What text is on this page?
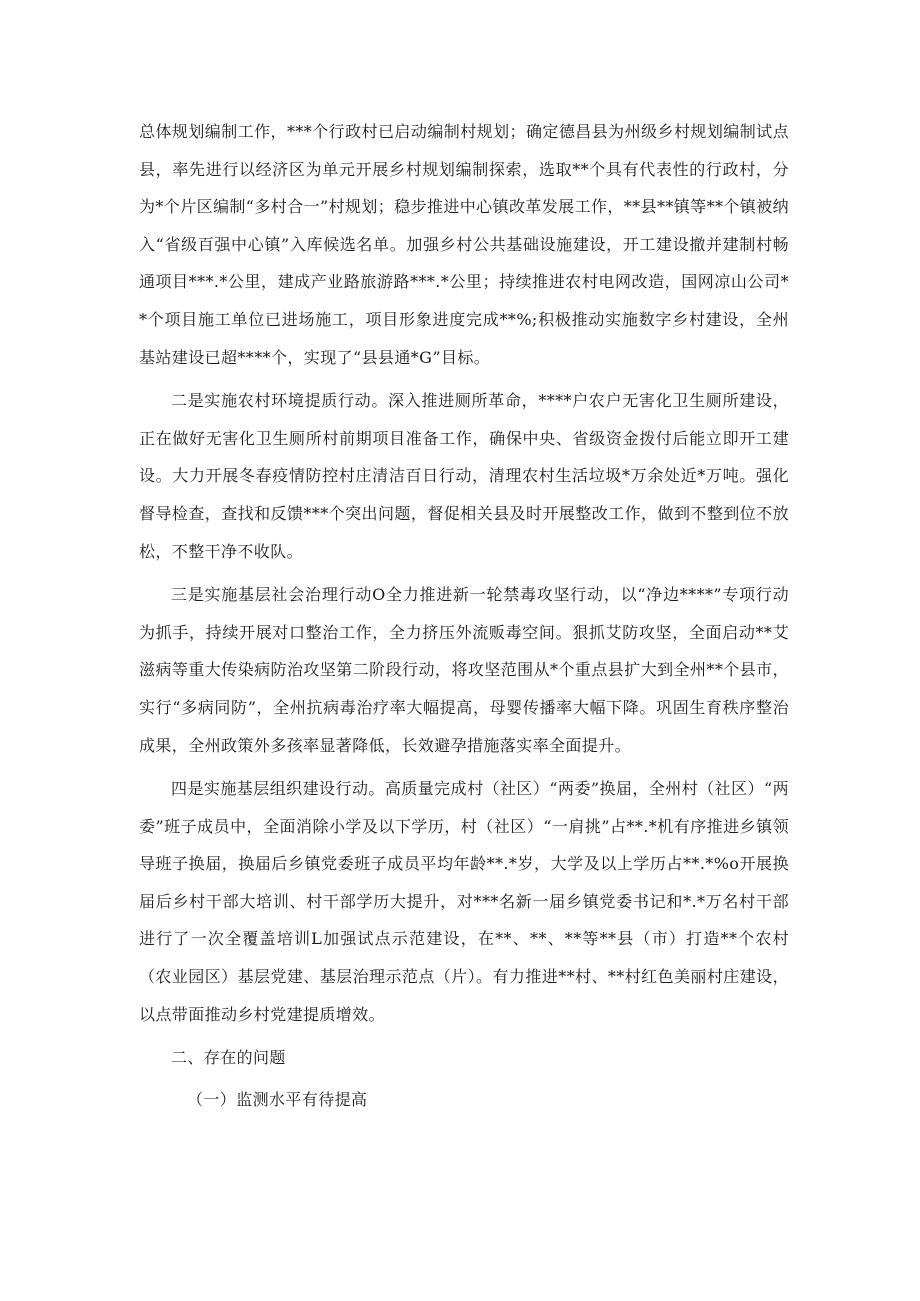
总体规划编制工作，***个行政村已启动编制村规划；确定德昌县为州级乡村规划编制试点县，率先进行以经济区为单元开展乡村规划编制探索，选取**个具有代表性的行政村，分为*个片区编制“多村合一”村规划；稳步推进中心镇改革发展工作，**县**镇等**个镇被纳入“省级百强中心镇”入库候选名单。加强乡村公共基础设施建设，开工建设撤并建制村畅通项目***.*公里，建成产业路旅游路***.*公里；持续推进农村电网改造，国网凉山公司**个项目施工单位已进场施工，项目形象进度完成**%;积极推动实施数字乡村建设，全州基站建设已超****个，实现了“县县通*G”目标。

二是实施农村环境提质行动。深入推进厕所革命，****户农户无害化卫生厕所建设，正在做好无害化卫生厕所村前期项目准备工作，确保中央、省级资金拨付后能立即开工建设。大力开展冬春疫情防控村庄清洁百日行动，清理农村生活垃圾*万余处近*万吨。强化督导检查，查找和反馈***个突出问题，督促相关县及时开展整改工作，做到不整到位不放松，不整干净不收队。

三是实施基层社会治理行动O全力推进新一轮禁毒攻坚行动，以“净边****”专项行动为抓手，持续开展对口整治工作，全力挤压外流贩毒空间。狠抓艾防攻坚，全面启动**艾滋病等重大传染病防治攻坚第二阶段行动，将攻坚范围从*个重点县扩大到全州**个县市，实行“多病同防”，全州抗病毒治疗率大幅提高，母婴传播率大幅下降。巩固生育秩序整治成果，全州政策外多孩率显著降低，长效避孕措施落实率全面提升。

四是实施基层组织建设行动。高质量完成村（社区）“两委”换届，全州村（社区）“两委”班子成员中，全面消除小学及以下学历，村（社区）“一肩挑”占**.*机有序推进乡镇领导班子换届，换届后乡镇党委班子成员平均年龄**.*岁，大学及以上学历占**.*%o开展换届后乡村干部大培训、村干部学历大提升，对***名新一届乡镇党委书记和*.*万名村干部进行了一次全覆盖培训L加强试点示范建设，在**、**、**等**县（市）打造**个农村（农业园区）基层党建、基层治理示范点（片）。有力推进**村、**村红色美丽村庄建设，以点带面推动乡村党建提质增效。

二、存在的问题

（一）监测水平有待提高
